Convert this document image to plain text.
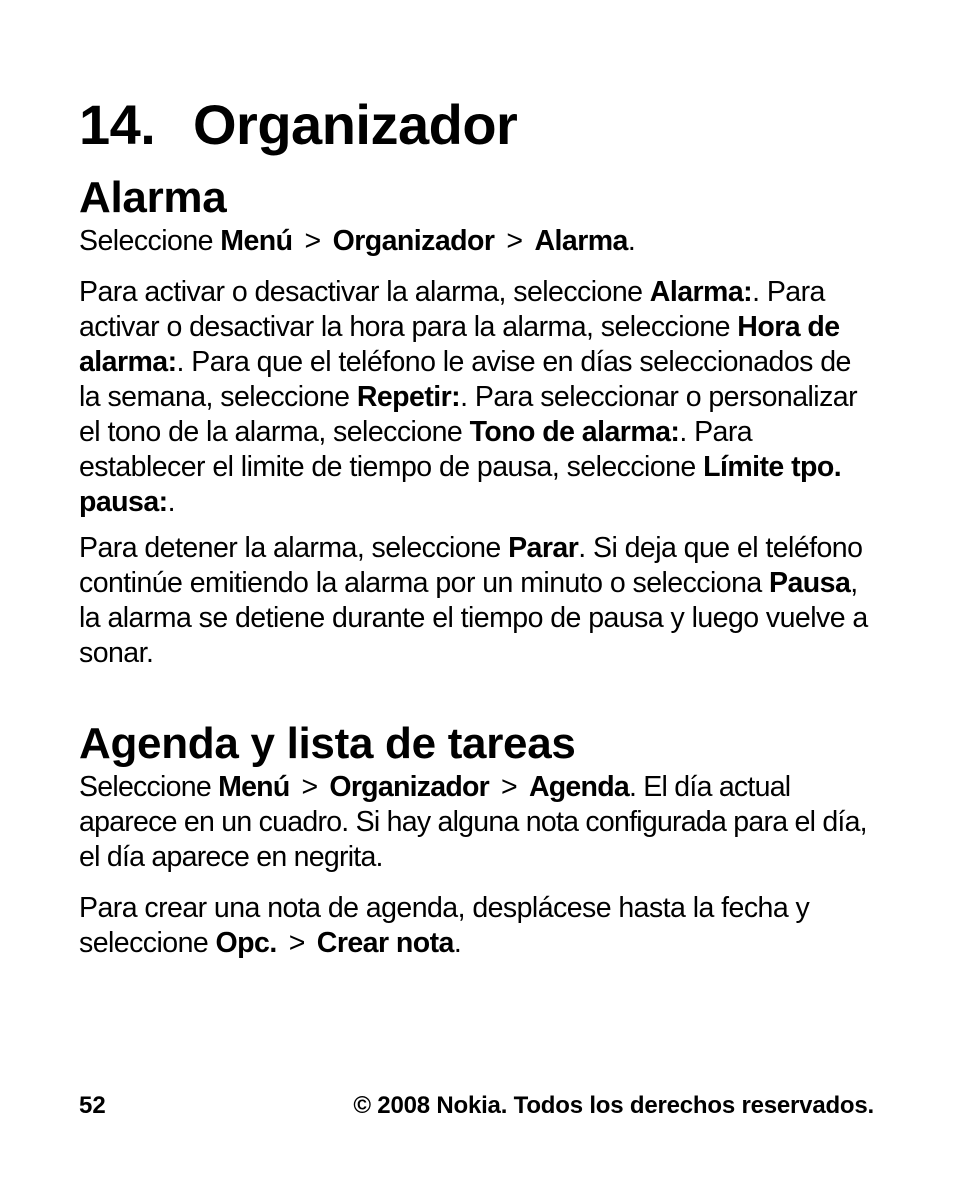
14. Organizador
Alarma

Seleccione Menú > Organizador > Alarma.

Para activar o desactivar la alarma, seleccione Alarma:. Para activar o desactivar la hora para la alarma, seleccione Hora de alarma:. Para que el teléfono le avise en días seleccionados de la semana, seleccione Repetir:. Para seleccionar o personalizar el tono de la alarma, seleccione Tono de alarma:. Para establecer el limite de tiempo de pausa, seleccione Límite tpo. pausa:.

Para detener la alarma, seleccione Parar. Si deja que el teléfono continúe emitiendo la alarma por un minuto o selecciona Pausa, la alarma se detiene durante el tiempo de pausa y luego vuelve a sonar.

Agenda y lista de tareas

Seleccione Menú > Organizador > Agenda. El día actual aparece en un cuadro. Si hay alguna nota configurada para el día, el día aparece en negrita.

Para crear una nota de agenda, desplácese hasta la fecha y seleccione Opc. > Crear nota.

52	© 2008 Nokia. Todos los derechos reservados.
